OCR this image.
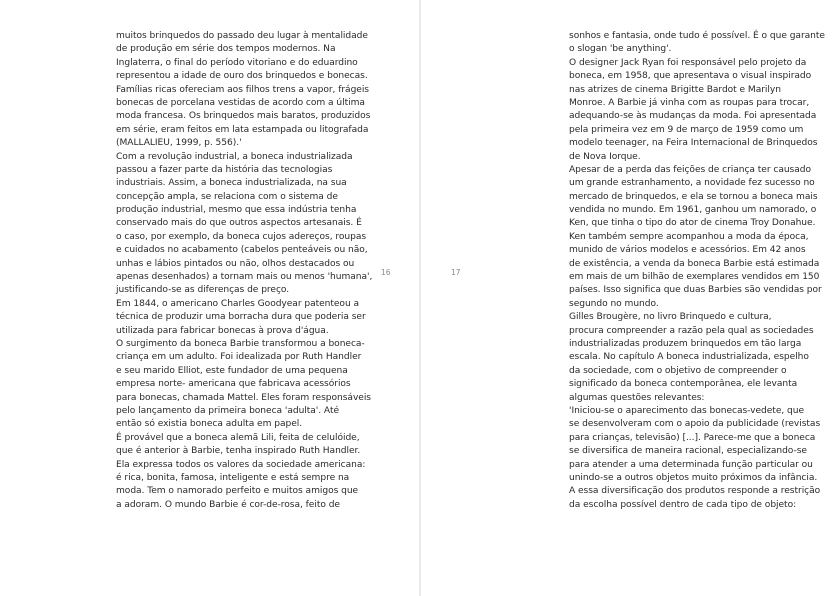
muitos brinquedos do passado deu lugar à mentalidade
de produção em série dos tempos modernos. Na
Inglaterra, o final do período vitoriano e do eduardino
representou a idade de ouro dos brinquedos e bonecas.
Famílias ricas ofereciam aos filhos trens a vapor, frágeis
bonecas de porcelana vestidas de acordo com a última
moda francesa. Os brinquedos mais baratos, produzidos
em série, eram feitos em lata estampada ou litografada
(MALLALIEU, 1999, p. 556).'
Com a revolução industrial, a boneca industrializada
passou a fazer parte da história das tecnologias
industriais. Assim, a boneca industrializada, na sua
concepção ampla, se relaciona com o sistema de
produção industrial, mesmo que essa indústria tenha
conservado mais do que outros aspectos artesanais. É
o caso, por exemplo, da boneca cujos adereços, roupas
e cuidados no acabamento (cabelos penteáveis ou não,
unhas e lábios pintados ou não, olhos destacados ou
apenas desenhados) a tornam mais ou menos 'humana',
justificando-se as diferenças de preço.
Em 1844, o americano Charles Goodyear patenteou a
técnica de produzir uma borracha dura que poderia ser
utilizada para fabricar bonecas à prova d'água.
O surgimento da boneca Barbie transformou a boneca-
criança em um adulto. Foi idealizada por Ruth Handler
e seu marido Elliot, este fundador de uma pequena
empresa norte- americana que fabricava acessórios
para bonecas, chamada Mattel. Eles foram responsáveis
pelo lançamento da primeira boneca 'adulta'. Até
então só existia boneca adulta em papel.
É provável que a boneca alemã Lili, feita de celulóide,
que é anterior à Barbie, tenha inspirado Ruth Handler.
Ela expressa todos os valores da sociedade americana:
é rica, bonita, famosa, inteligente e está sempre na
moda. Tem o namorado perfeito e muitos amigos que
a adoram. O mundo Barbie é cor-de-rosa, feito de
16	17
sonhos e fantasia, onde tudo é possível. É o que garante
o slogan 'be anything'.
O designer Jack Ryan foi responsável pelo projeto da
boneca, em 1958, que apresentava o visual inspirado
nas atrizes de cinema Brigitte Bardot e Marilyn
Monroe. A Barbie já vinha com as roupas para trocar,
adequando-se às mudanças da moda. Foi apresentada
pela primeira vez em 9 de março de 1959 como um
modelo teenager, na Feira Internacional de Brinquedos
de Nova Iorque.
Apesar de a perda das feições de criança ter causado
um grande estranhamento, a novidade fez sucesso no
mercado de brinquedos, e ela se tornou a boneca mais
vendida no mundo. Em 1961, ganhou um namorado, o
Ken, que tinha o tipo do ator de cinema Troy Donahue.
Ken também sempre acompanhou a moda da época,
munido de vários modelos e acessórios. Em 42 anos
de existência, a venda da boneca Barbie está estimada
em mais de um bilhão de exemplares vendidos em 150
países. Isso significa que duas Barbies são vendidas por
segundo no mundo.
Gilles Brougère, no livro Brinquedo e cultura,
procura compreender a razão pela qual as sociedades
industrializadas produzem brinquedos em tão larga
escala. No capítulo A boneca industrializada, espelho
da sociedade, com o objetivo de compreender o
significado da boneca contemporânea, ele levanta
algumas questões relevantes:
'Iniciou-se o aparecimento das bonecas-vedete, que
se desenvolveram com o apoio da publicidade (revistas
para crianças, televisão) [...]. Parece-me que a boneca
se diversifica de maneira racional, especializando-se
para atender a uma determinada função particular ou
unindo-se a outros objetos muito próximos da infância.
A essa diversificação dos produtos responde a restrição
da escolha possível dentro de cada tipo de objeto:
